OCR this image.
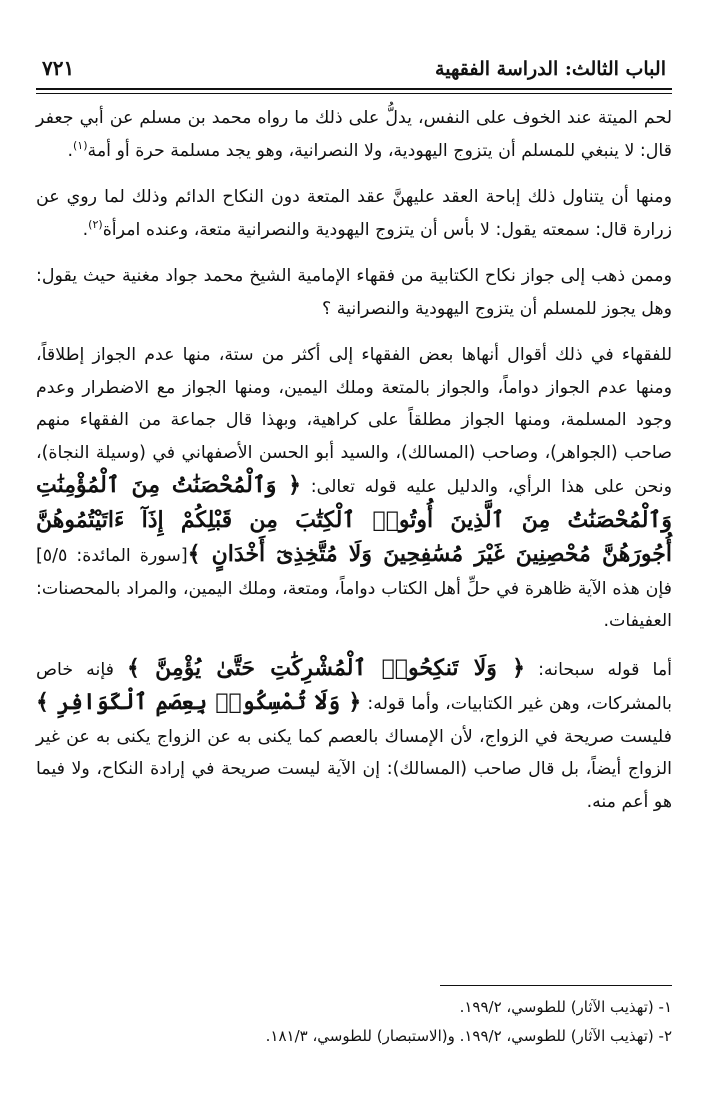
الباب الثالث: الدراسة الفقهية
٧٢١

لحم الميتة عند الخوف على النفس، يدلُّ على ذلك ما رواه محمد بن مسلم عن أبي جعفر قال: لا ينبغي للمسلم أن يتزوج اليهودية، ولا النصرانية، وهو يجد مسلمة حرة أو أمة$^{(١)}$.

ومنها أن يتناول ذلك إباحة العقد عليهنَّ عقد المتعة دون النكاح الدائم وذلك لما روي عن زرارة قال: سمعته يقول: لا بأس أن يتزوج اليهودية والنصرانية متعة، وعنده امرأة$^{(٢)}$.

وممن ذهب إلى جواز نكاح الكتابية من فقهاء الإمامية الشيخ محمد جواد مغنية حيث يقول: وهل يجوز للمسلم أن يتزوج اليهودية والنصرانية ؟

للفقهاء في ذلك أقوال أنهاها بعض الفقهاء إلى أكثر من ستة، منها عدم الجواز إطلاقاً، ومنها عدم الجواز دواماً، والجواز بالمتعة وملك اليمين، ومنها الجواز مع الاضطرار وعدم وجود المسلمة، ومنها الجواز مطلقاً على كراهية، وبهذا قال جماعة من الفقهاء منهم صاحب (الجواهر)، وصاحب (المسالك)، والسيد أبو الحسن الأصفهاني في (وسيلة النجاة)، ونحن على هذا الرأي، والدليل عليه قوله تعالى: ﴿ وَٱلْمُحْصَنَٰتُ مِنَ ٱلْمُؤْمِنَٰتِ وَٱلْمُحْصَنَٰتُ مِنَ ٱلَّذِينَ أُوتُوا۟ ٱلْكِتَٰبَ مِن قَبْلِكُمْ إِذَآ ءَاتَيْتُمُوهُنَّ أُجُورَهُنَّ مُحْصِنِينَ غَيْرَ مُسَٰفِحِينَ وَلَا مُتَّخِذِىٓ أَخْدَانٍ ﴾[سورة المائدة: ٥/٥] فإن هذه الآية ظاهرة في حلِّ أهل الكتاب دواماً، ومتعة، وملك اليمين، والمراد بالمحصنات: العفيفات.

أما قوله سبحانه: ﴿ وَلَا تَنكِحُوا۟ ٱلْمُشْرِكَٰتِ حَتَّىٰ يُؤْمِنَّ ﴾ فإنه خاص بالمشركات، وهن غير الكتابيات، وأما قوله: ﴿ وَلَا تُمْسِكُوا۟ بِعِصَمِ ٱلْكَوَافِرِ ﴾ فليست صريحة في الزواج، لأن الإمساك بالعصم كما يكنى به عن الزواج يكنى به عن غير الزواج أيضاً، بل قال صاحب (المسالك): إن الآية ليست صريحة في إرادة النكاح، ولا فيما هو أعم منه.

١- (تهذيب الآثار) للطوسي، ١٩٩/٢.
٢- (تهذيب الآثار) للطوسي، ١٩٩/٢. و(الاستبصار) للطوسي، ١٨١/٣.
